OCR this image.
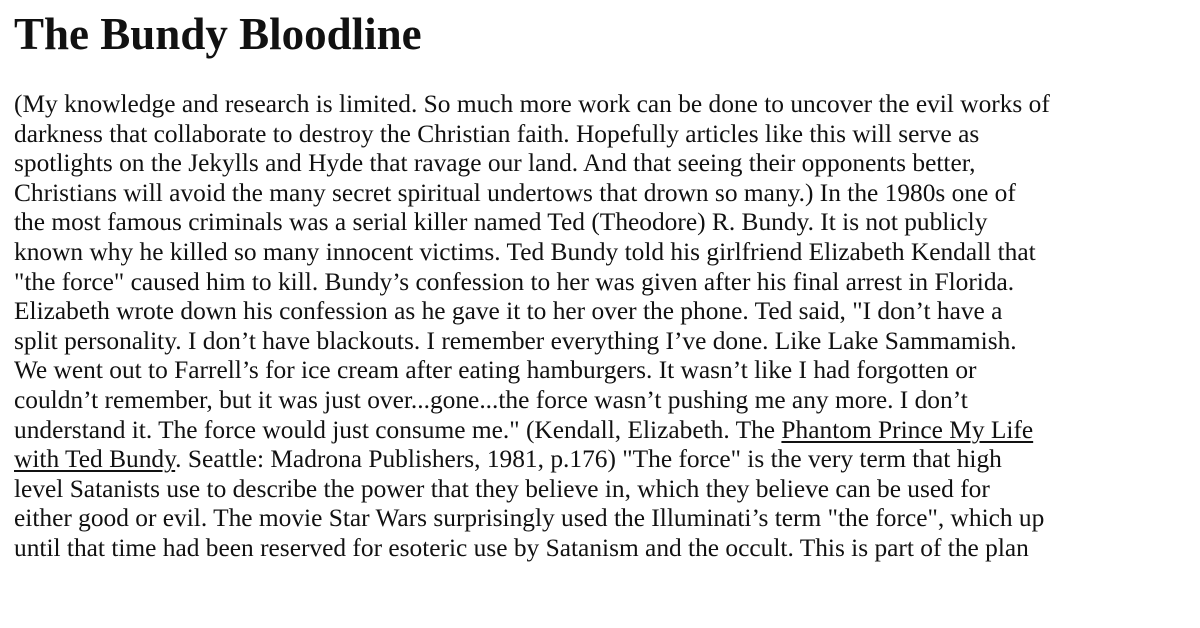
The Bundy Bloodline
(My knowledge and research is limited. So much more work can be done to uncover the evil works of
darkness that collaborate to destroy the Christian faith. Hopefully articles like this will serve as
spotlights on the Jekylls and Hyde that ravage our land. And that seeing their opponents better,
Christians will avoid the many secret spiritual undertows that drown so many.) In the 1980s one of
the most famous criminals was a serial killer named Ted (Theodore) R. Bundy. It is not publicly
known why he killed so many innocent victims. Ted Bundy told his girlfriend Elizabeth Kendall that
"the force" caused him to kill. Bundy’s confession to her was given after his final arrest in Florida.
Elizabeth wrote down his confession as he gave it to her over the phone. Ted said, "I don’t have a
split personality. I don’t have blackouts. I remember everything I’ve done. Like Lake Sammamish.
We went out to Farrell’s for ice cream after eating hamburgers. It wasn’t like I had forgotten or
couldn’t remember, but it was just over...gone...the force wasn’t pushing me any more. I don’t
understand it. The force would just consume me." (Kendall, Elizabeth. The Phantom Prince My Life
with Ted Bundy. Seattle: Madrona Publishers, 1981, p.176) "The force" is the very term that high
level Satanists use to describe the power that they believe in, which they believe can be used for
either good or evil. The movie Star Wars surprisingly used the Illuminati’s term "the force", which up
until that time had been reserved for esoteric use by Satanism and the occult. This is part of the plan
